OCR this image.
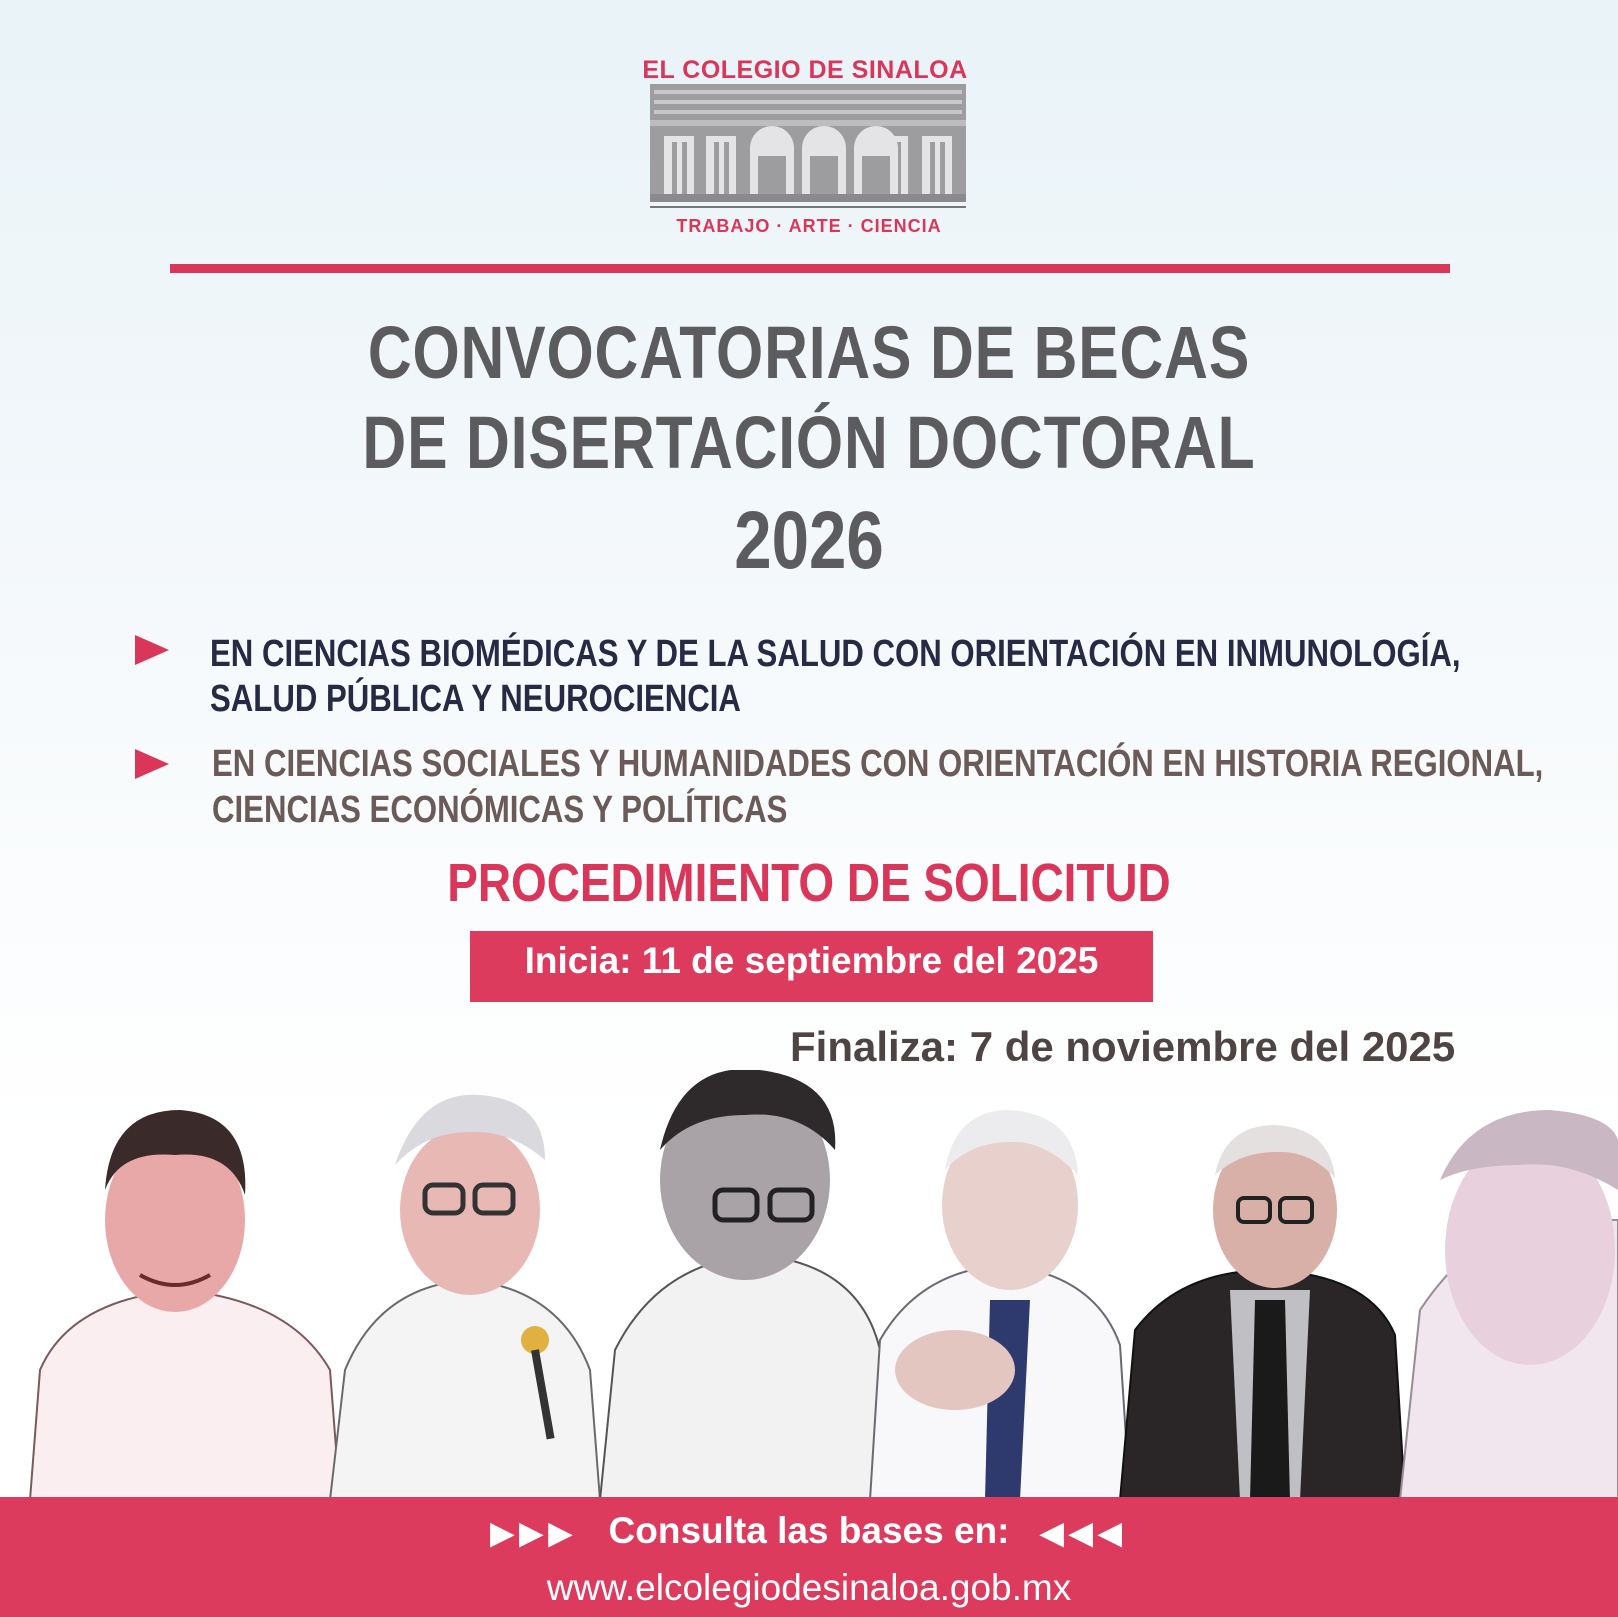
EL COLEGIO DE SINALOA
TRABAJO · ARTE · CIENCIA
CONVOCATORIAS DE BECAS
DE DISERTACIÓN DOCTORAL
2026
EN CIENCIAS BIOMÉDICAS Y DE LA SALUD CON ORIENTACIÓN EN INMUNOLOGÍA,
SALUD PÚBLICA Y NEUROCIENCIA
EN CIENCIAS SOCIALES Y HUMANIDADES CON ORIENTACIÓN EN HISTORIA REGIONAL,
CIENCIAS ECONÓMICAS Y POLÍTICAS
PROCEDIMIENTO DE SOLICITUD
Inicia: 11 de septiembre del 2025
Finaliza: 7 de noviembre del 2025
▶▶▶ Consulta las bases en: ◀◀◀
www.elcolegiodesinaloa.gob.mx
